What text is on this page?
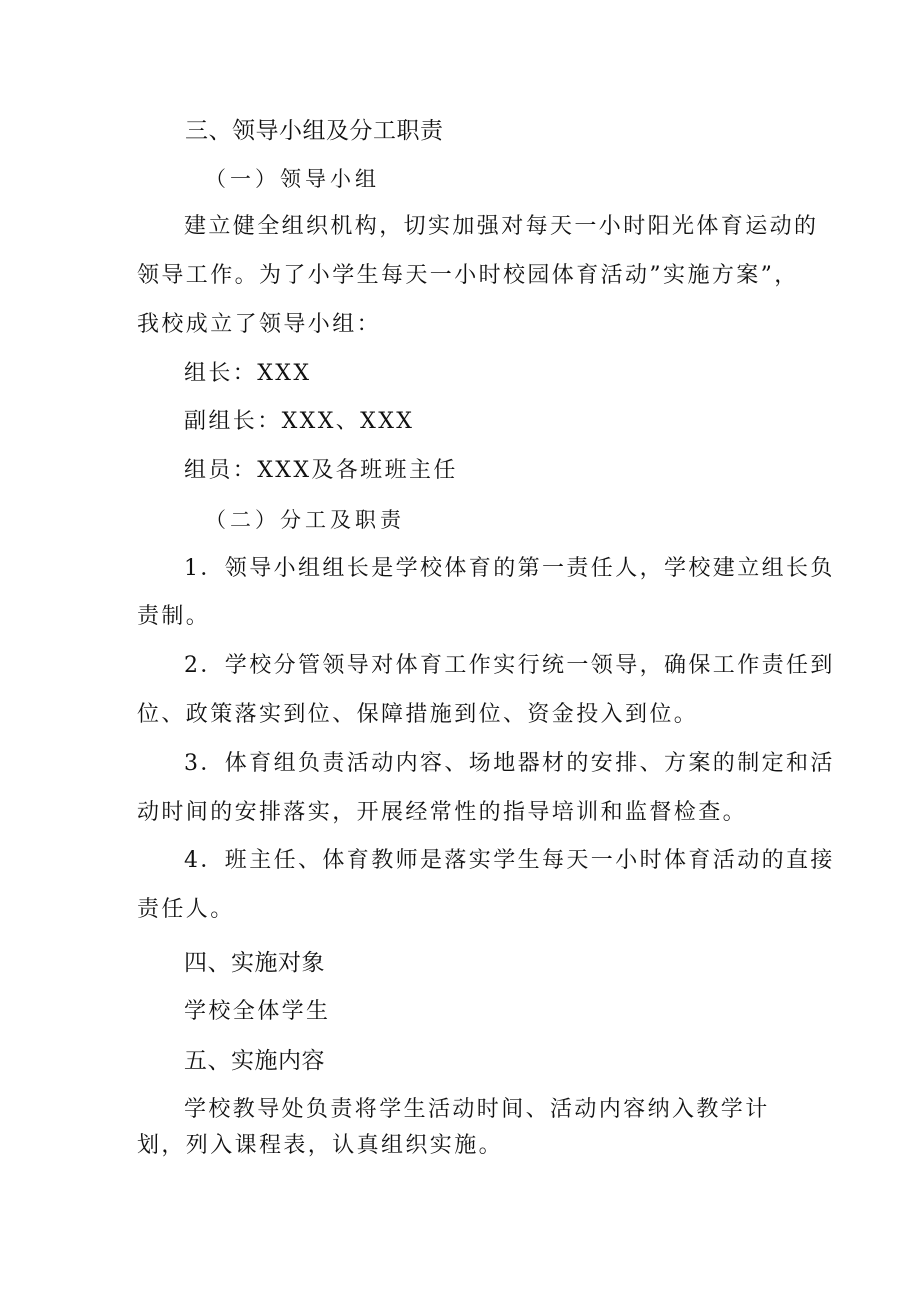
三、领导小组及分工职责
（一）领导小组
建立健全组织机构，切实加强对每天一小时阳光体育运动的
领导工作。为了小学生每天一小时校园体育活动”实施方案”，
我校成立了领导小组：
组长：XXX
副组长：XXX、XXX
组员：XXX及各班班主任
（二）分工及职责
1．领导小组组长是学校体育的第一责任人，学校建立组长负
责制。
2．学校分管领导对体育工作实行统一领导，确保工作责任到
位、政策落实到位、保障措施到位、资金投入到位。
3．体育组负责活动内容、场地器材的安排、方案的制定和活
动时间的安排落实，开展经常性的指导培训和监督检查。
4．班主任、体育教师是落实学生每天一小时体育活动的直接
责任人。
四、实施对象
学校全体学生
五、实施内容
学校教导处负责将学生活动时间、活动内容纳入教学计
划，列入课程表，认真组织实施。
